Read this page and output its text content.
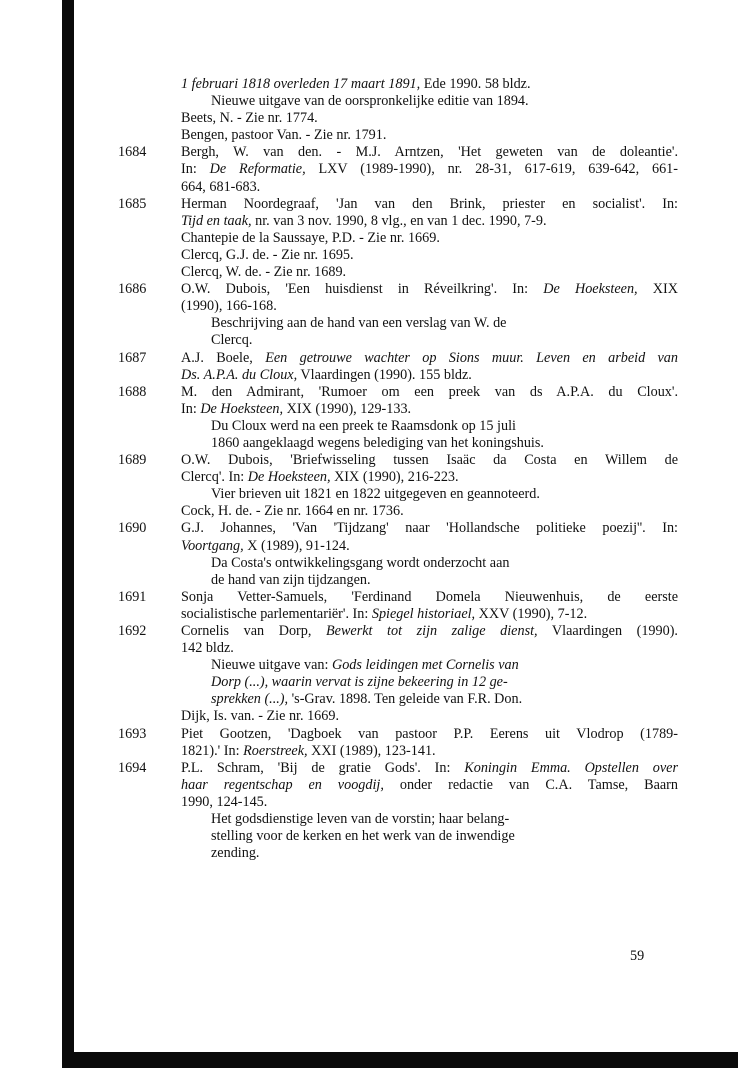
1 februari 1818 overleden 17 maart 1891, Ede 1990. 58 bldz.
Nieuwe uitgave van de oorspronkelijke editie van 1894.
Beets, N. - Zie nr. 1774.
Bengen, pastoor Van. - Zie nr. 1791.
1684	Bergh, W. van den. - M.J. Arntzen, 'Het geweten van de doleantie'.
In: De Reformatie, LXV (1989-1990), nr. 28-31, 617-619, 639-642, 661-
664, 681-683.
1685	Herman Noordegraaf, 'Jan van den Brink, priester en socialist'. In:
Tijd en taak, nr. van 3 nov. 1990, 8 vlg., en van 1 dec. 1990, 7-9.
Chantepie de la Saussaye, P.D. - Zie nr. 1669.
Clercq, G.J. de. - Zie nr. 1695.
Clercq, W. de. - Zie nr. 1689.
1686	O.W. Dubois, 'Een huisdienst in Réveilkring'. In: De Hoeksteen, XIX
(1990), 166-168.
Beschrijving aan de hand van een verslag van W. de
Clercq.
1687	A.J. Boele, Een getrouwe wachter op Sions muur. Leven en arbeid van
Ds. A.P.A. du Cloux, Vlaardingen (1990). 155 bldz.
1688	M. den Admirant, 'Rumoer om een preek van ds A.P.A. du Cloux'.
In: De Hoeksteen, XIX (1990), 129-133.
Du Cloux werd na een preek te Raamsdonk op 15 juli
1860 aangeklaagd wegens belediging van het koningshuis.
1689	O.W. Dubois, 'Briefwisseling tussen Isaäc da Costa en Willem de
Clercq'. In: De Hoeksteen, XIX (1990), 216-223.
Vier brieven uit 1821 en 1822 uitgegeven en geannoteerd.
Cock, H. de. - Zie nr. 1664 en nr. 1736.
1690	G.J. Johannes, 'Van 'Tijdzang' naar 'Hollandsche politieke poezij''. In:
Voortgang, X (1989), 91-124.
Da Costa's ontwikkelingsgang wordt onderzocht aan
de hand van zijn tijdzangen.
1691	Sonja Vetter-Samuels, 'Ferdinand Domela Nieuwenhuis, de eerste
socialistische parlementariër'. In: Spiegel historiael, XXV (1990), 7-12.
1692	Cornelis van Dorp, Bewerkt tot zijn zalige dienst, Vlaardingen (1990).
142 bldz.
Nieuwe uitgave van: Gods leidingen met Cornelis van
Dorp (...), waarin vervat is zijne bekeering in 12 ge-
sprekken (...), 's-Grav. 1898. Ten geleide van F.R. Don.
Dijk, Is. van. - Zie nr. 1669.
1693	Piet Gootzen, 'Dagboek van pastoor P.P. Eerens uit Vlodrop (1789-
1821).' In: Roerstreek, XXI (1989), 123-141.
1694	P.L. Schram, 'Bij de gratie Gods'. In: Koningin Emma. Opstellen over
haar regentschap en voogdij, onder redactie van C.A. Tamse, Baarn
1990, 124-145.
Het godsdienstige leven van de vorstin; haar belang-
stelling voor de kerken en het werk van de inwendige
zending.
59
